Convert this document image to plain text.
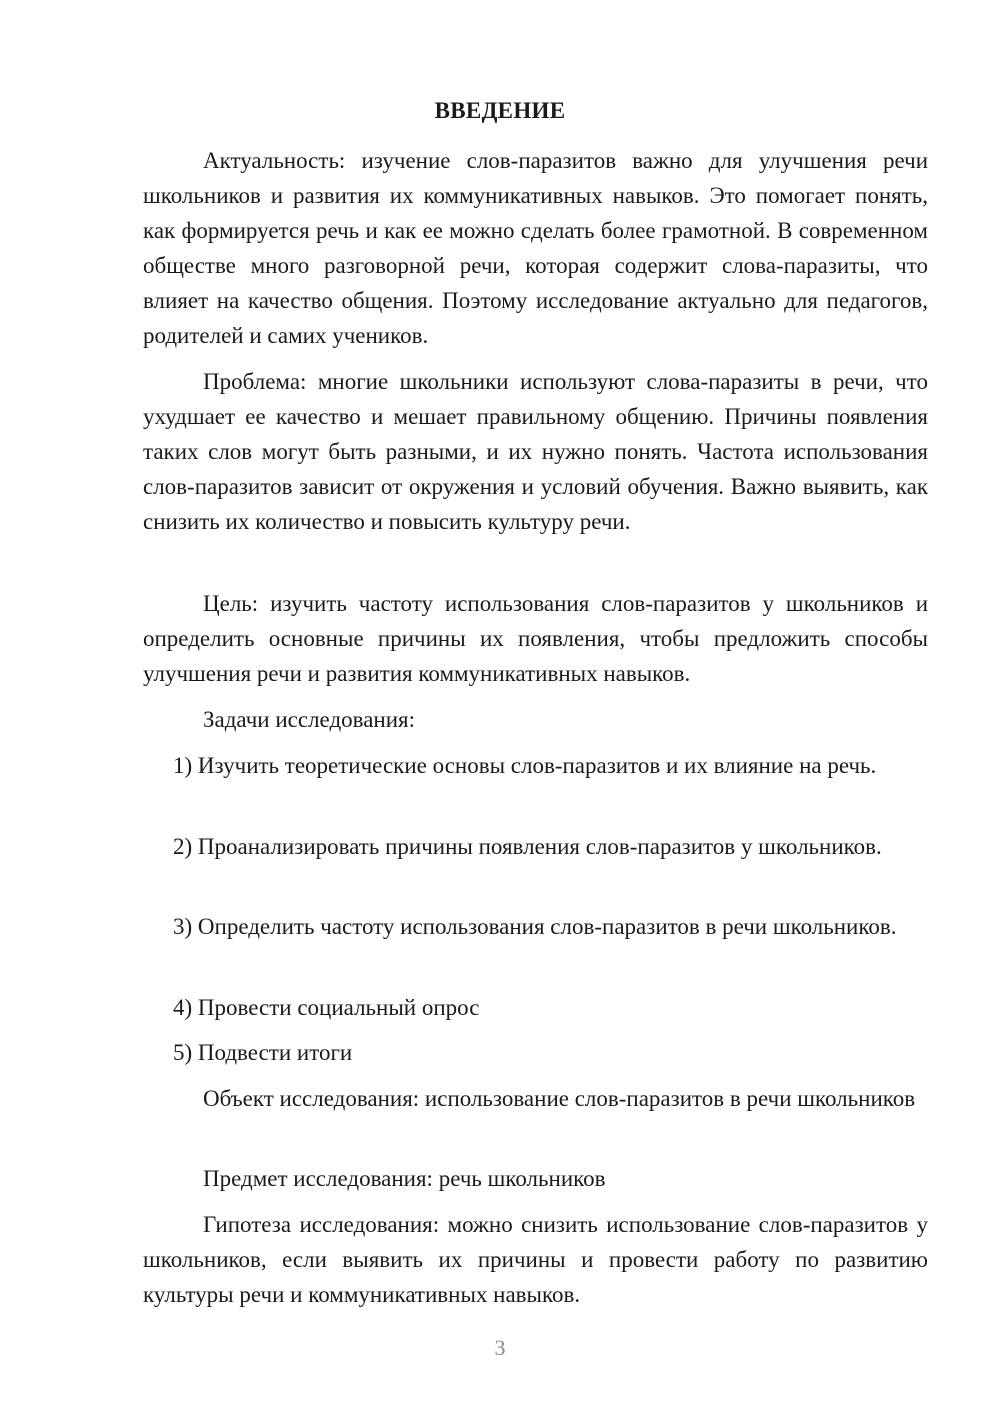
ВВЕДЕНИЕ

Актуальность: изучение слов-паразитов важно для улучшения речи школьников и развития их коммуникативных навыков. Это помогает понять, как формируется речь и как ее можно сделать более грамотной. В современном обществе много разговорной речи, которая содержит слова-паразиты, что влияет на качество общения. Поэтому исследование актуально для педагогов, родителей и самих учеников.

Проблема: многие школьники используют слова-паразиты в речи, что ухудшает ее качество и мешает правильному общению. Причины появления таких слов могут быть разными, и их нужно понять. Частота использования слов-паразитов зависит от окружения и условий обучения. Важно выявить, как снизить их количество и повысить культуру речи.

Цель: изучить частоту использования слов-паразитов у школьников и определить основные причины их появления, чтобы предложить способы улучшения речи и развития коммуникативных навыков.

Задачи исследования:

1) Изучить теоретические основы слов-паразитов и их влияние на речь.

2) Проанализировать причины появления слов-паразитов у школьников.

3) Определить частоту использования слов-паразитов в речи школьников.

4) Провести социальный опрос

5) Подвести итоги

Объект исследования: использование слов-паразитов в речи школьников

Предмет исследования: речь школьников

Гипотеза исследования: можно снизить использование слов-паразитов у школьников, если выявить их причины и провести работу по развитию культуры речи и коммуникативных навыков.

3
